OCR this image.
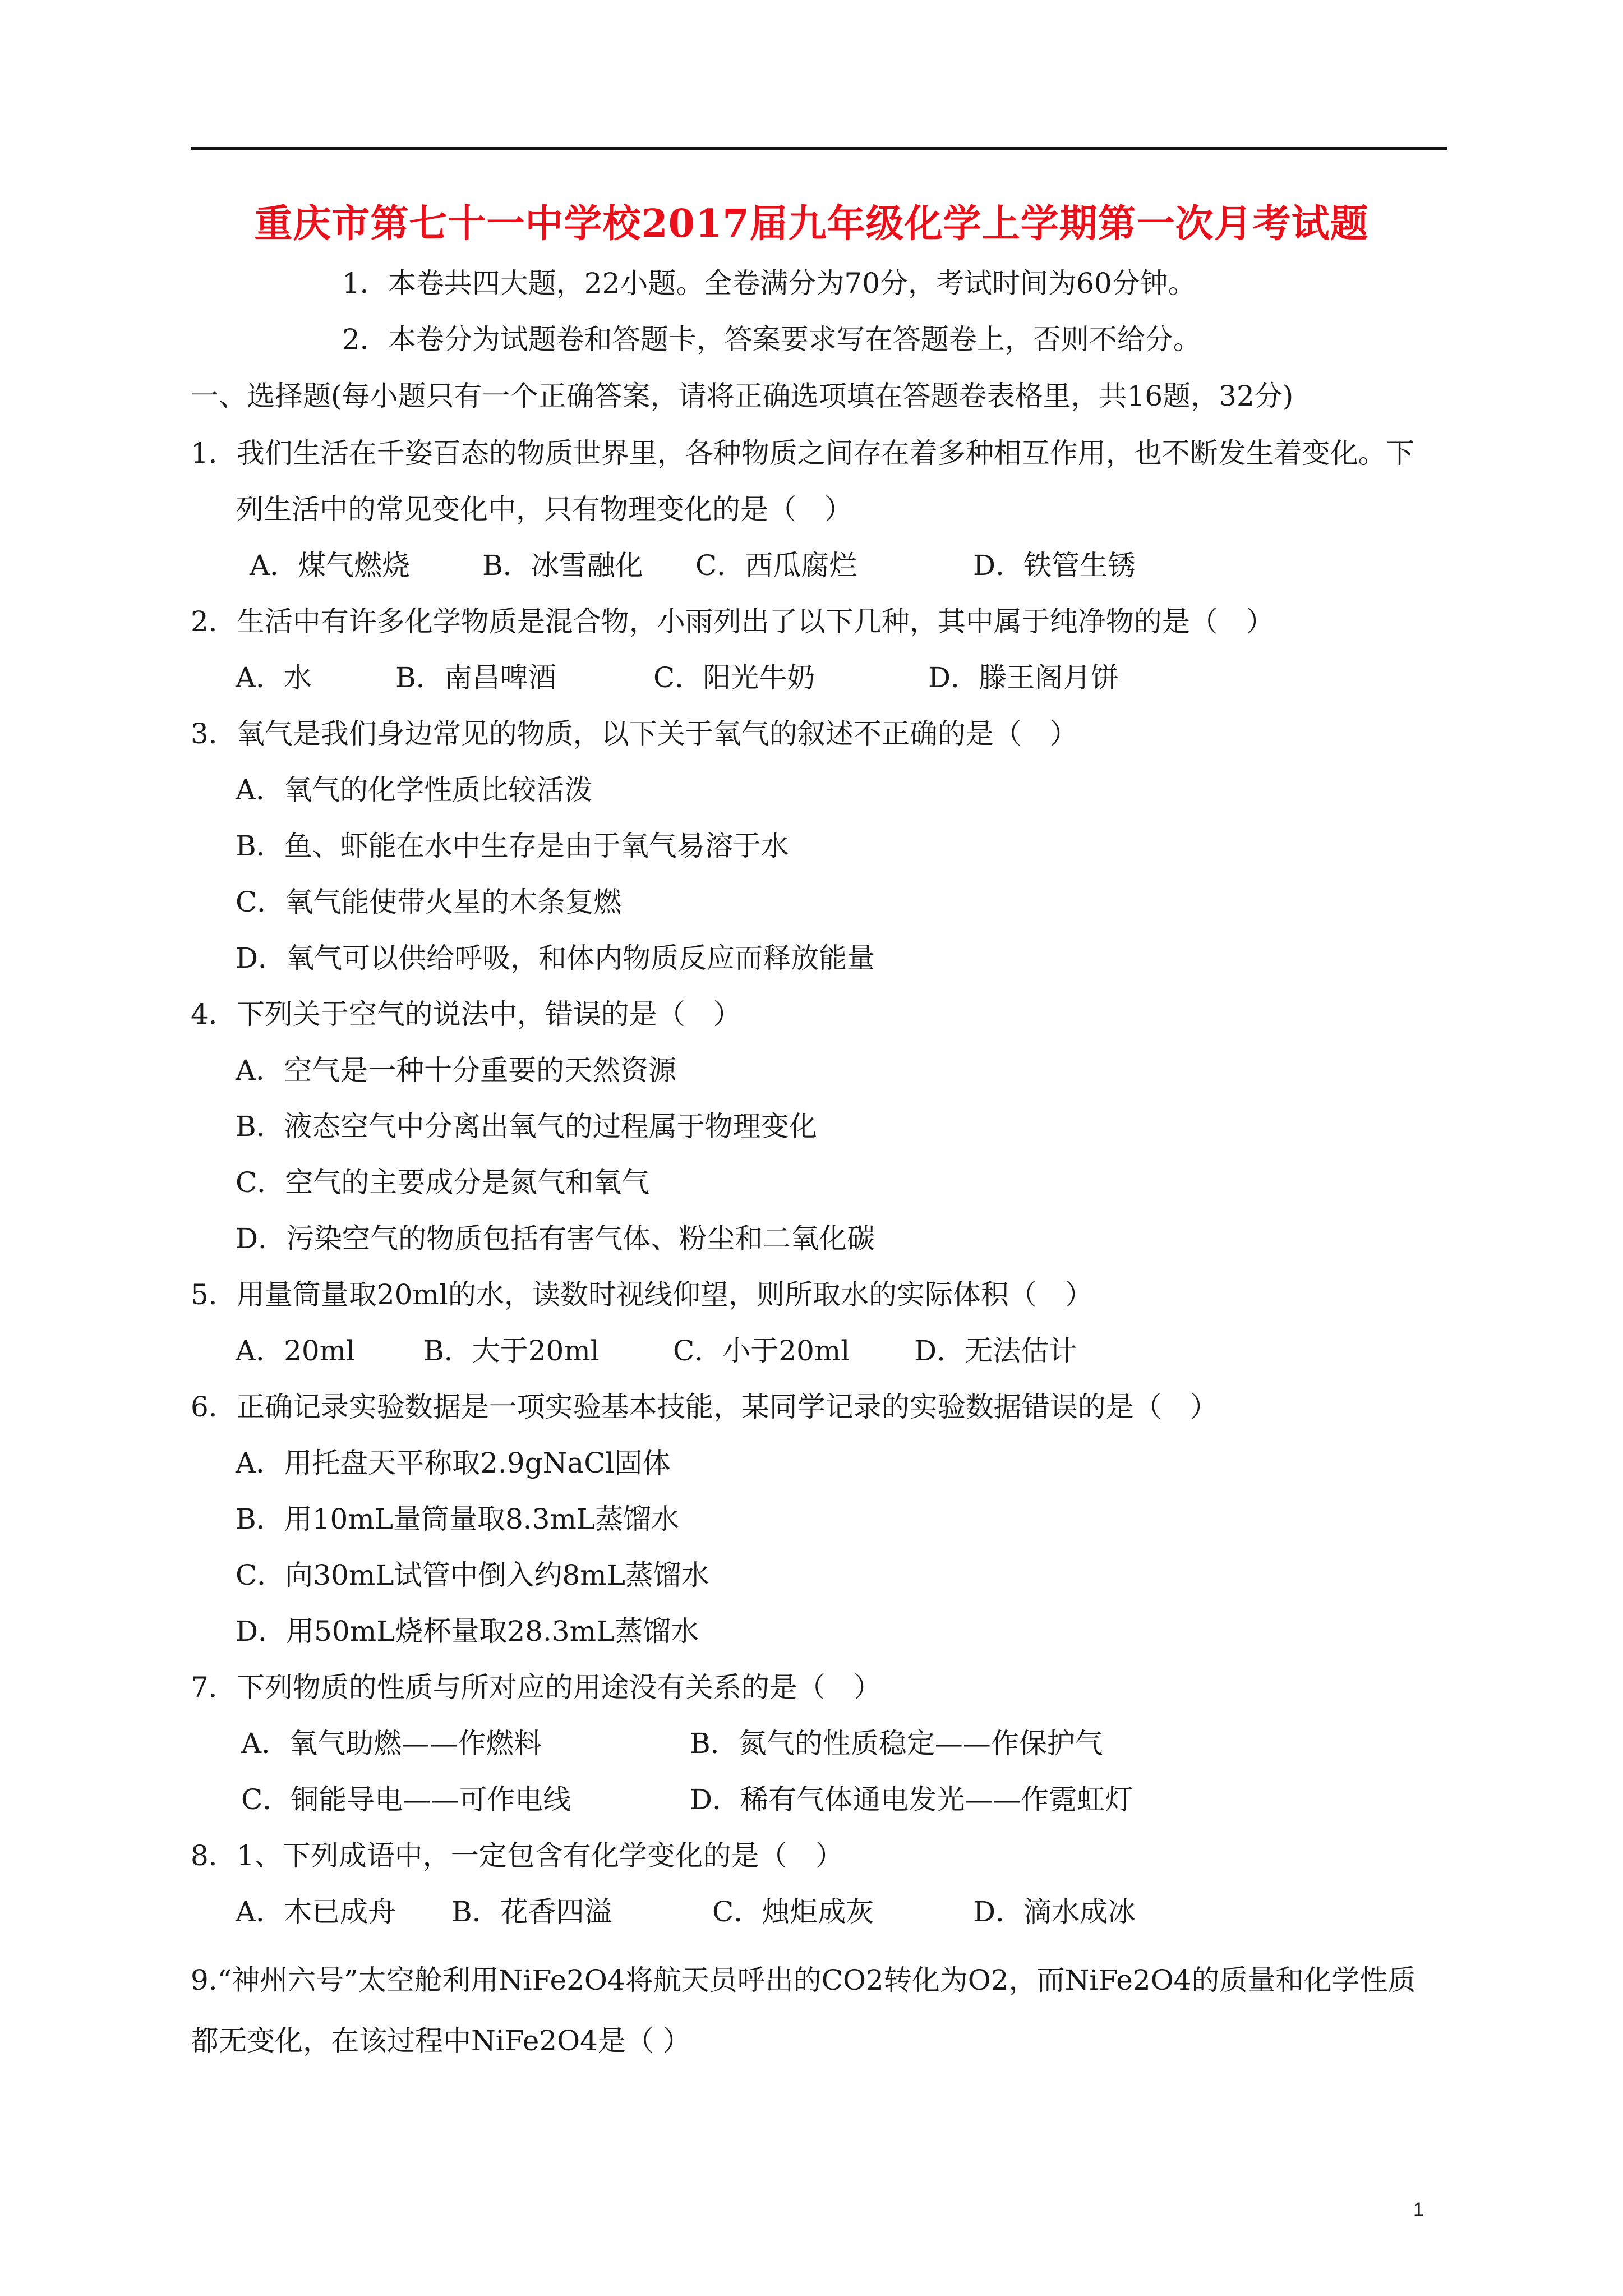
重庆市第七十一中学校2017届九年级化学上学期第一次月考试题
1．本卷共四大题，22小题。全卷满分为70分，考试时间为60分钟。
2．本卷分为试题卷和答题卡，答案要求写在答题卷上，否则不给分。
一、选择题(每小题只有一个正确答案，请将正确选项填在答题卷表格里，共16题，32分)
1．我们生活在千姿百态的物质世界里，各种物质之间存在着多种相互作用，也不断发生着变化。下
列生活中的常见变化中，只有物理变化的是（　）
A．煤气燃烧	B．冰雪融化 C．西瓜腐烂	D．铁管生锈
2．生活中有许多化学物质是混合物，小雨列出了以下几种，其中属于纯净物的是（　）
A．水	B．南昌啤酒	C．阳光牛奶	D．滕王阁月饼
3．氧气是我们身边常见的物质，以下关于氧气的叙述不正确的是（　）
A．氧气的化学性质比较活泼
B．鱼、虾能在水中生存是由于氧气易溶于水
C．氧气能使带火星的木条复燃
D．氧气可以供给呼吸，和体内物质反应而释放能量
4．下列关于空气的说法中，错误的是（　）
A．空气是一种十分重要的天然资源
B．液态空气中分离出氧气的过程属于物理变化
C．空气的主要成分是氮气和氧气
D．污染空气的物质包括有害气体、粉尘和二氧化碳
5．用量筒量取20ml的水，读数时视线仰望，则所取水的实际体积（　）
A．20ml B．大于20ml	C．小于20ml D．无法估计
6．正确记录实验数据是一项实验基本技能，某同学记录的实验数据错误的是（　）
A．用托盘天平称取2.9gNaCl固体
B．用10mL量筒量取8.3mL蒸馏水
C．向30mL试管中倒入约8mL蒸馏水
D．用50mL烧杯量取28.3mL蒸馏水
7．下列物质的性质与所对应的用途没有关系的是（　）
A．氧气助燃——作燃料	B．氮气的性质稳定——作保护气
C．铜能导电——可作电线	D．稀有气体通电发光——作霓虹灯
8．1、下列成语中，一定包含有化学变化的是（　）
A．木已成舟 B．花香四溢	C．烛炬成灰	D．滴水成冰
9.“神州六号”太空舱利用NiFe2O4将航天员呼出的CO2转化为O2，而NiFe2O4的质量和化学性质
都无变化，在该过程中NiFe2O4是（ ）
1
